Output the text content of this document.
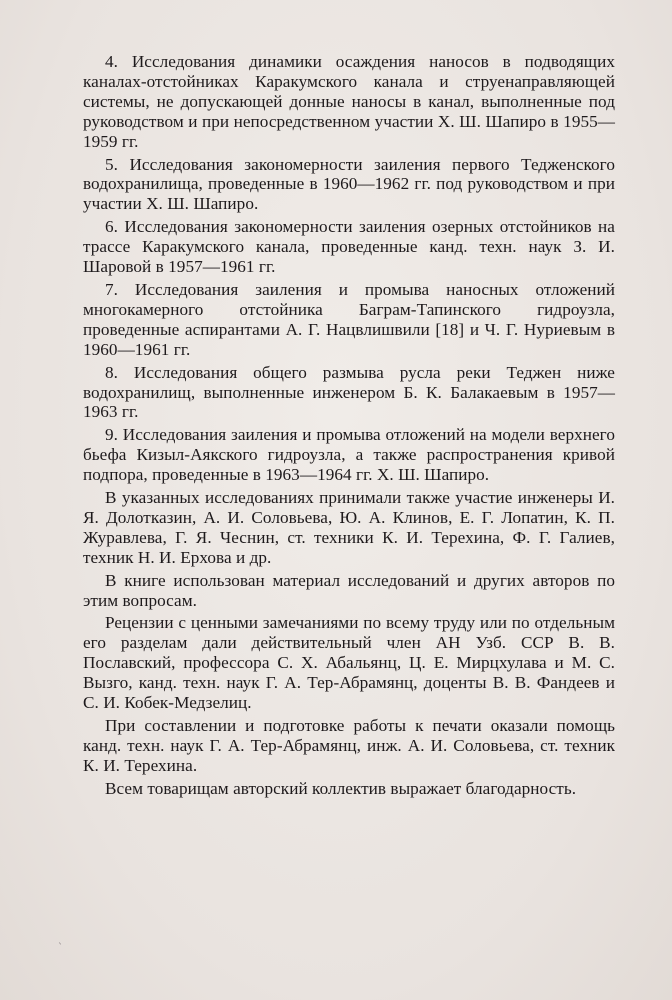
4. Исследования динамики осаждения наносов в подводящих каналах-отстойниках Каракумского канала и струенаправляющей системы, не допускающей донные наносы в канал, выполненные под руководством и при непосредственном участии Х. Ш. Шапиро в 1955—1959 гг.

5. Исследования закономерности заиления первого Тедженского водохранилища, проведенные в 1960—1962 гг. под руководством и при участии Х. Ш. Шапиро.

6. Исследования закономерности заиления озерных отстойников на трассе Каракумского канала, проведенные канд. техн. наук З. И. Шаровой в 1957—1961 гг.

7. Исследования заиления и промыва наносных отложений многокамерного отстойника Баграм-Тапинского гидроузла, проведенные аспирантами А. Г. Нацвлишвили [18] и Ч. Г. Нуриевым в 1960—1961 гг.

8. Исследования общего размыва русла реки Теджен ниже водохранилищ, выполненные инженером Б. К. Балакаевым в 1957—1963 гг.

9. Исследования заиления и промыва отложений на модели верхнего бьефа Кизыл-Аякского гидроузла, а также распространения кривой подпора, проведенные в 1963—1964 гг. Х. Ш. Шапиро.

В указанных исследованиях принимали также участие инженеры И. Я. Долотказин, А. И. Соловьева, Ю. А. Клинов, Е. Г. Лопатин, К. П. Журавлева, Г. Я. Чеснин, ст. техники К. И. Терехина, Ф. Г. Галиев, техник Н. И. Ерхова и др.

В книге использован материал исследований и других авторов по этим вопросам.

Рецензии с ценными замечаниями по всему труду или по отдельным его разделам дали действительный член АН Узб. ССР В. В. Пославский, профессора С. Х. Абальянц, Ц. Е. Мирцхулава и М. С. Вызго, канд. техн. наук Г. А. Тер-Абрамянц, доценты В. В. Фандеев и С. И. Кобек-Медзелиц.

При составлении и подготовке работы к печати оказали помощь канд. техн. наук Г. А. Тер-Абрамянц, инж. А. И. Соловьева, ст. техник К. И. Терехина.

Всем товарищам авторский коллектив выражает благодарность.

՝
